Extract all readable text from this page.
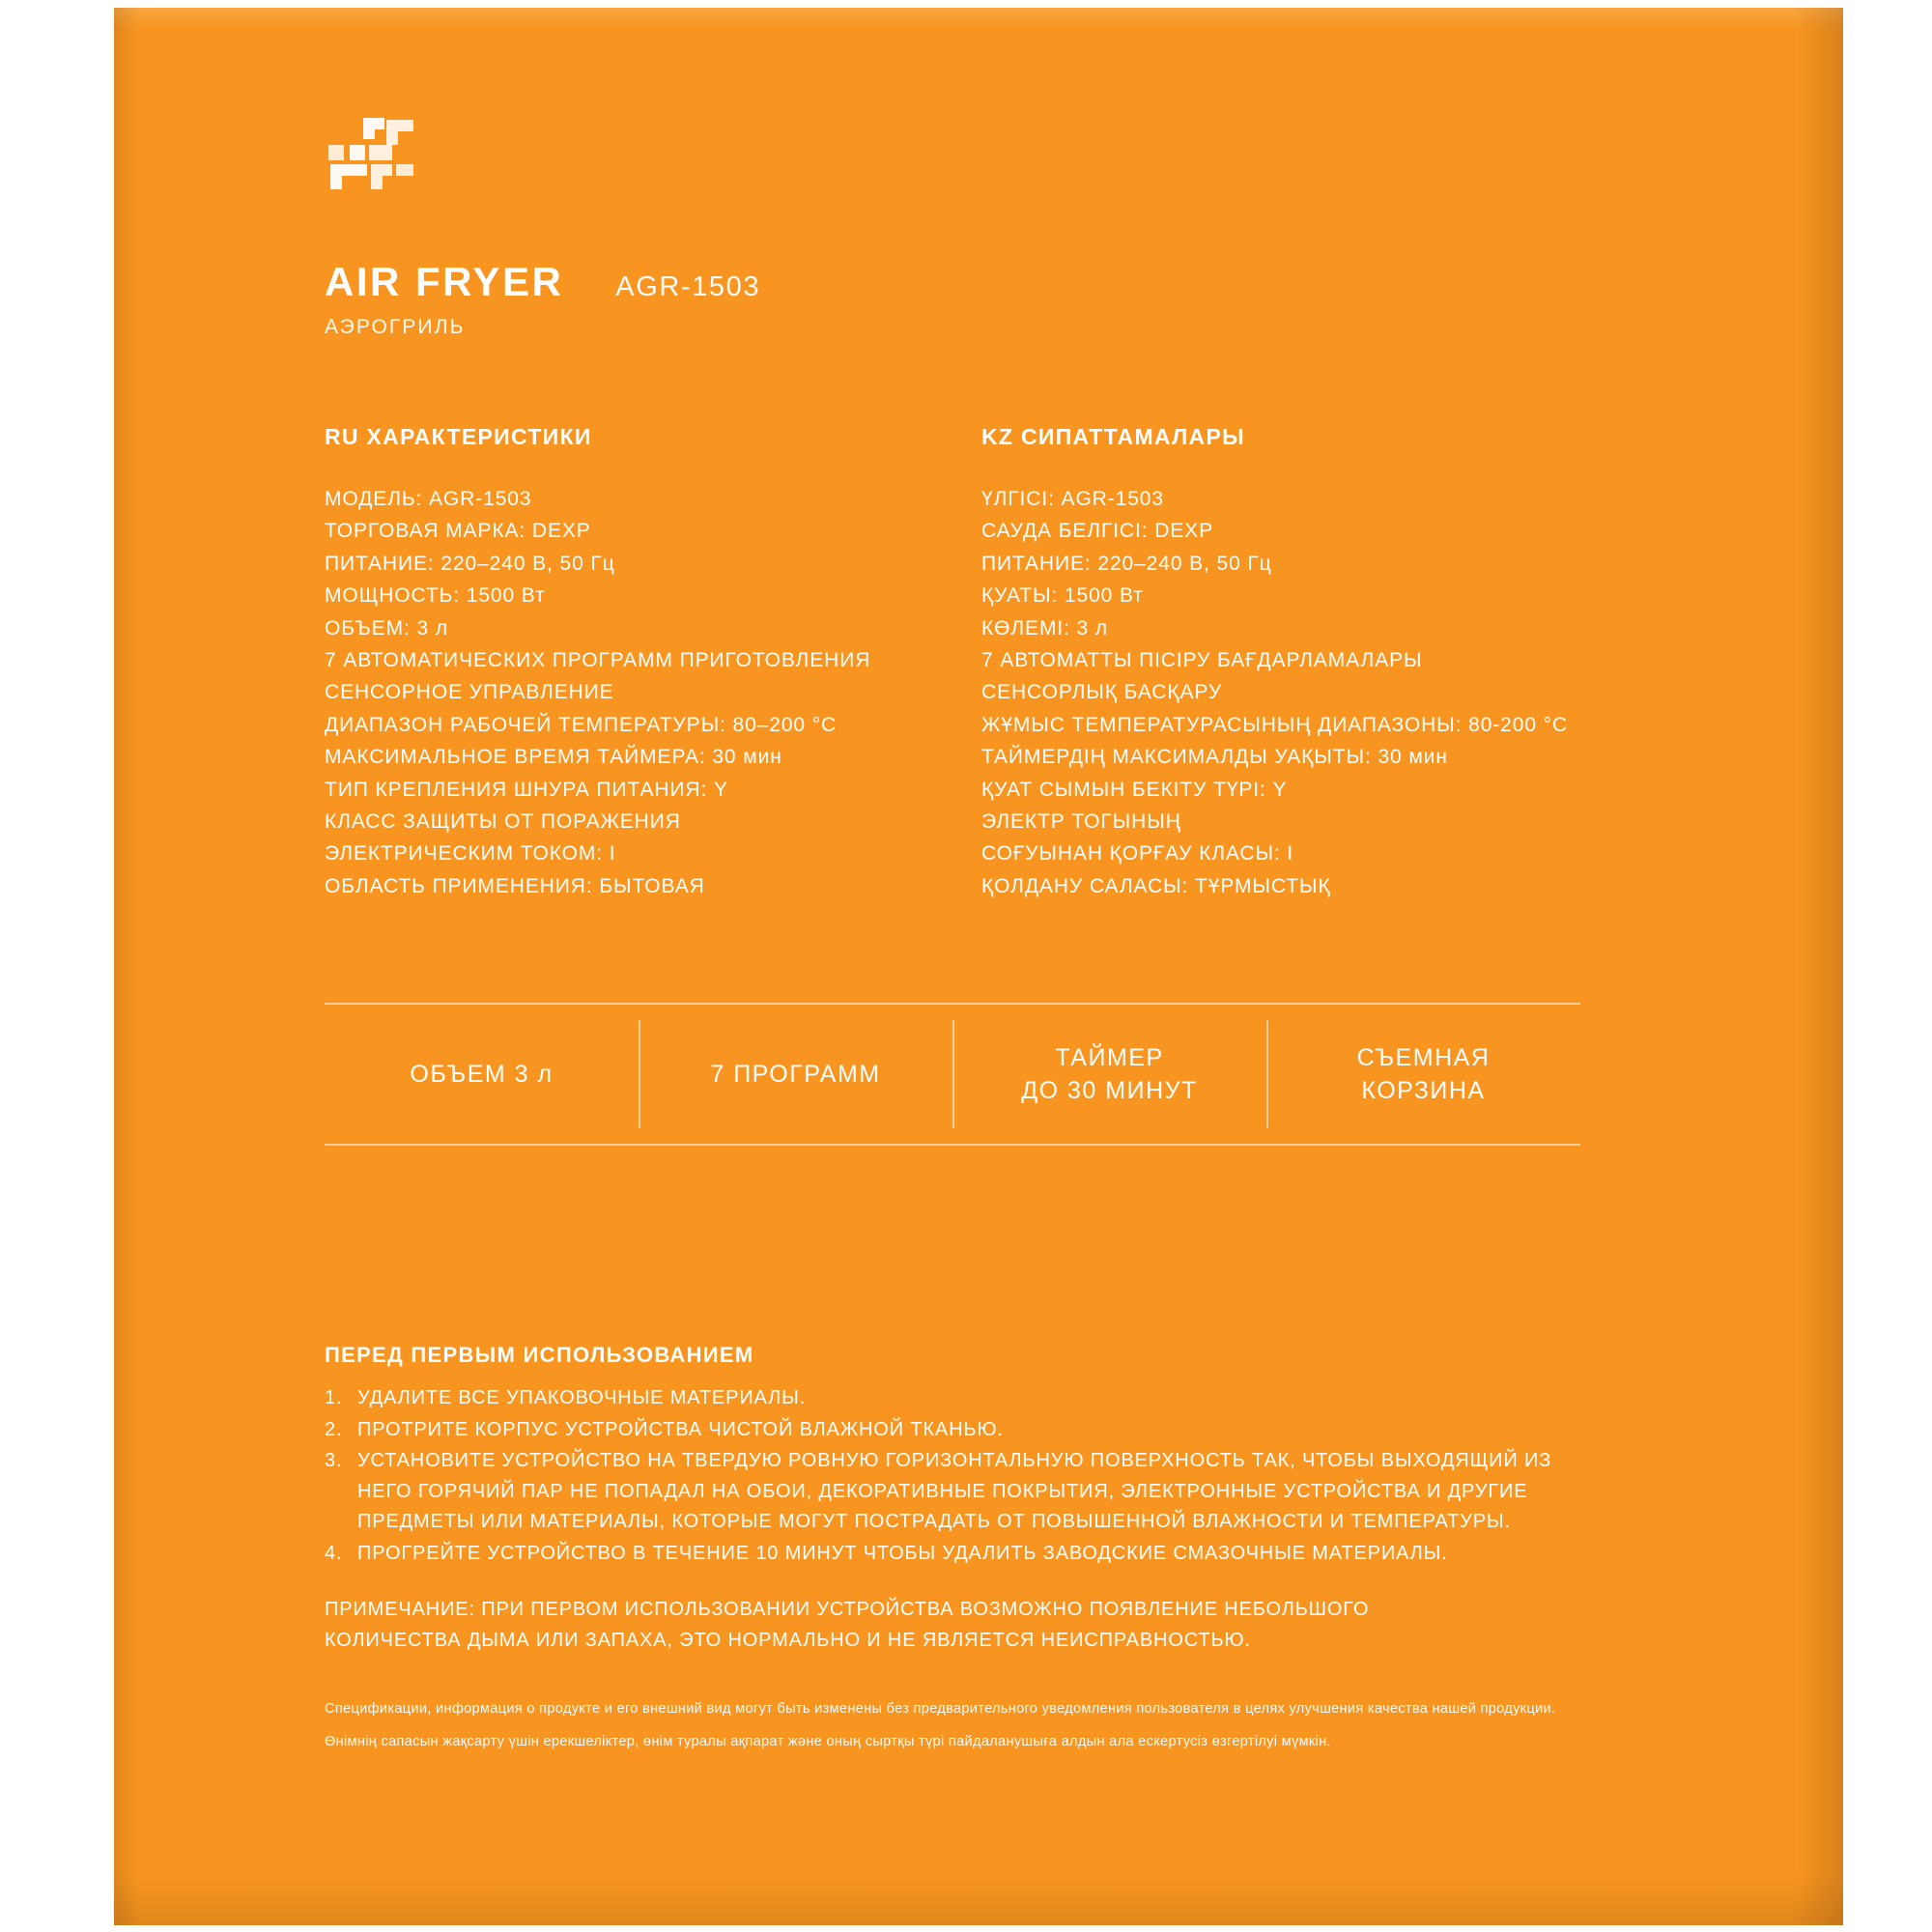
AIR FRYER AGR-1503
АЭРОГРИЛЬ
RU ХАРАКТЕРИСТИКИ
МОДЕЛЬ: AGR-1503
ТОРГОВАЯ МАРКА: DEXP
ПИТАНИЕ: 220–240 В, 50 Гц
МОЩНОСТЬ: 1500 Вт
ОБЪЕМ: 3 л
7 АВТОМАТИЧЕСКИХ ПРОГРАММ ПРИГОТОВЛЕНИЯ
СЕНСОРНОЕ УПРАВЛЕНИЕ
ДИАПАЗОН РАБОЧЕЙ ТЕМПЕРАТУРЫ: 80–200 °С
МАКСИМАЛЬНОЕ ВРЕМЯ ТАЙМЕРА: 30 мин
ТИП КРЕПЛЕНИЯ ШНУРА ПИТАНИЯ: Y
КЛАСС ЗАЩИТЫ ОТ ПОРАЖЕНИЯ
ЭЛЕКТРИЧЕСКИМ ТОКОМ: I
ОБЛАСТЬ ПРИМЕНЕНИЯ: БЫТОВАЯ
KZ СИПАТТАМАЛАРЫ
ҮЛГІСІ: AGR-1503
САУДА БЕЛГІСІ: DEXP
ПИТАНИЕ: 220–240 В, 50 Гц
ҚУАТЫ: 1500 Вт
КӨЛЕМІ: 3 л
7 АВТОМАТТЫ ПІСІРУ БАҒДАРЛАМАЛАРЫ
СЕНСОРЛЫҚ БАСҚАРУ
ЖҰМЫС ТЕМПЕРАТУРАСЫНЫҢ ДИАПАЗОНЫ: 80-200 °С
ТАЙМЕРДІҢ МАКСИМАЛДЫ УАҚЫТЫ: 30 мин
ҚУАТ СЫМЫН БЕКІТУ ТҮРІ: Y
ЭЛЕКТР ТОГЫНЫҢ
СОҒУЫНАН ҚОРҒАУ КЛАСЫ: I
ҚОЛДАНУ САЛАСЫ: ТҰРМЫСТЫҚ
ОБЪЕМ 3 л	7 ПРОГРАММ
ТАЙМЕР
ДО 30 МИНУТ
СЪЕМНАЯ
КОРЗИНА
ПЕРЕД ПЕРВЫМ ИСПОЛЬЗОВАНИЕМ
1. УДАЛИТЕ ВСЕ УПАКОВОЧНЫЕ МАТЕРИАЛЫ.
2. ПРОТРИТЕ КОРПУС УСТРОЙСТВА ЧИСТОЙ ВЛАЖНОЙ ТКАНЬЮ.
3. УСТАНОВИТЕ УСТРОЙСТВО НА ТВЕРДУЮ РОВНУЮ ГОРИЗОНТАЛЬНУЮ ПОВЕРХНОСТЬ ТАК, ЧТОБЫ ВЫХОДЯЩИЙ ИЗ НЕГО ГОРЯЧИЙ ПАР НЕ ПОПАДАЛ НА ОБОИ, ДЕКОРАТИВНЫЕ ПОКРЫТИЯ, ЭЛЕКТРОННЫЕ УСТРОЙСТВА И ДРУГИЕ ПРЕДМЕТЫ ИЛИ МАТЕРИАЛЫ, КОТОРЫЕ МОГУТ ПОСТРАДАТЬ ОТ ПОВЫШЕННОЙ ВЛАЖНОСТИ И ТЕМПЕРАТУРЫ.
4. ПРОГРЕЙТЕ УСТРОЙСТВО В ТЕЧЕНИЕ 10 МИНУТ ЧТОБЫ УДАЛИТЬ ЗАВОДСКИЕ СМАЗОЧНЫЕ МАТЕРИАЛЫ.
ПРИМЕЧАНИЕ: ПРИ ПЕРВОМ ИСПОЛЬЗОВАНИИ УСТРОЙСТВА ВОЗМОЖНО ПОЯВЛЕНИЕ НЕБОЛЬШОГО КОЛИЧЕСТВА ДЫМА ИЛИ ЗАПАХА, ЭТО НОРМАЛЬНО И НЕ ЯВЛЯЕТСЯ НЕИСПРАВНОСТЬЮ.

Спецификации, информация о продукте и его внешний вид могут быть изменены без предварительного уведомления пользователя в целях улучшения качества нашей продукции.

Өнімнің сапасын жақсарту үшін ерекшеліктер, өнім туралы ақпарат және оның сыртқы түрі пайдаланушыға алдын ала ескертусіз өзгертілуі мүмкін.
